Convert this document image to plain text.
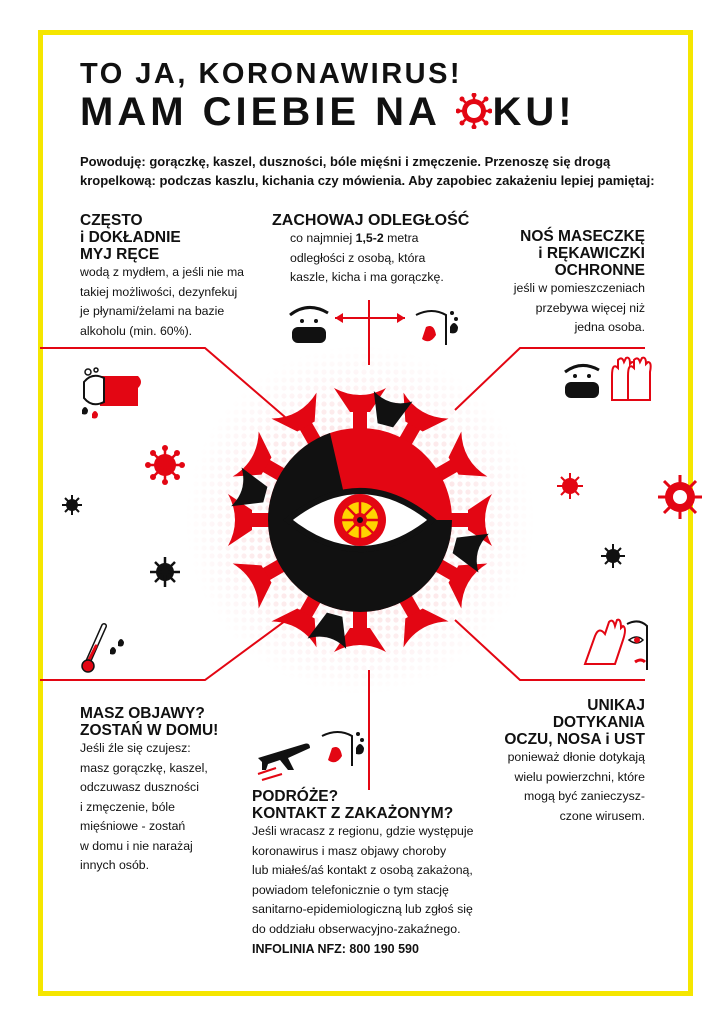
TO JA, KORONAWIRUS!
MAM CIEBIE NA
KU!
Powoduję: gorączkę, kaszel, duszności, bóle mięśni i zmęczenie. Przenoszę się drogą kropelkową: podczas kaszlu, kichania czy mówienia. Aby zapobiec zakażeniu lepiej pamiętaj:
CZĘSTO
i DOKŁADNIE
MYJ RĘCE
wodą z mydłem, a jeśli nie ma
takiej możliwości, dezynfekuj
je płynami/żelami na bazie
alkoholu (min. 60%).
ZACHOWAJ ODLEGŁOŚĆ
co najmniej 1,5-2 metra
odległości z osobą, która
kaszle, kicha i ma gorączkę.
NOŚ MASECZKĘ
i RĘKAWICZKI
OCHRONNE
jeśli w pomieszczeniach
przebywa więcej niż
jedna osoba.
MASZ OBJAWY?
ZOSTAŃ W DOMU!
Jeśli źle się czujesz:
masz gorączkę, kaszel,
odczuwasz duszności
i zmęczenie, bóle
mięśniowe - zostań
w domu i nie narażaj
innych osób.
UNIKAJ
DOTYKANIA
OCZU, NOSA i UST
ponieważ dłonie dotykają
wielu powierzchni, które
mogą być zanieczysz-
czone wirusem.
PODRÓŻE?
KONTAKT Z ZAKAŻONYM?
Jeśli wracasz z regionu, gdzie występuje
koronawirus i masz objawy choroby
lub miałeś/aś kontakt z osobą zakażoną,
powiadom telefonicznie o tym stację
sanitarno-epidemiologiczną lub zgłoś się
do oddziału obserwacyjno-zakaźnego.
INFOLINIA NFZ: 800 190 590
